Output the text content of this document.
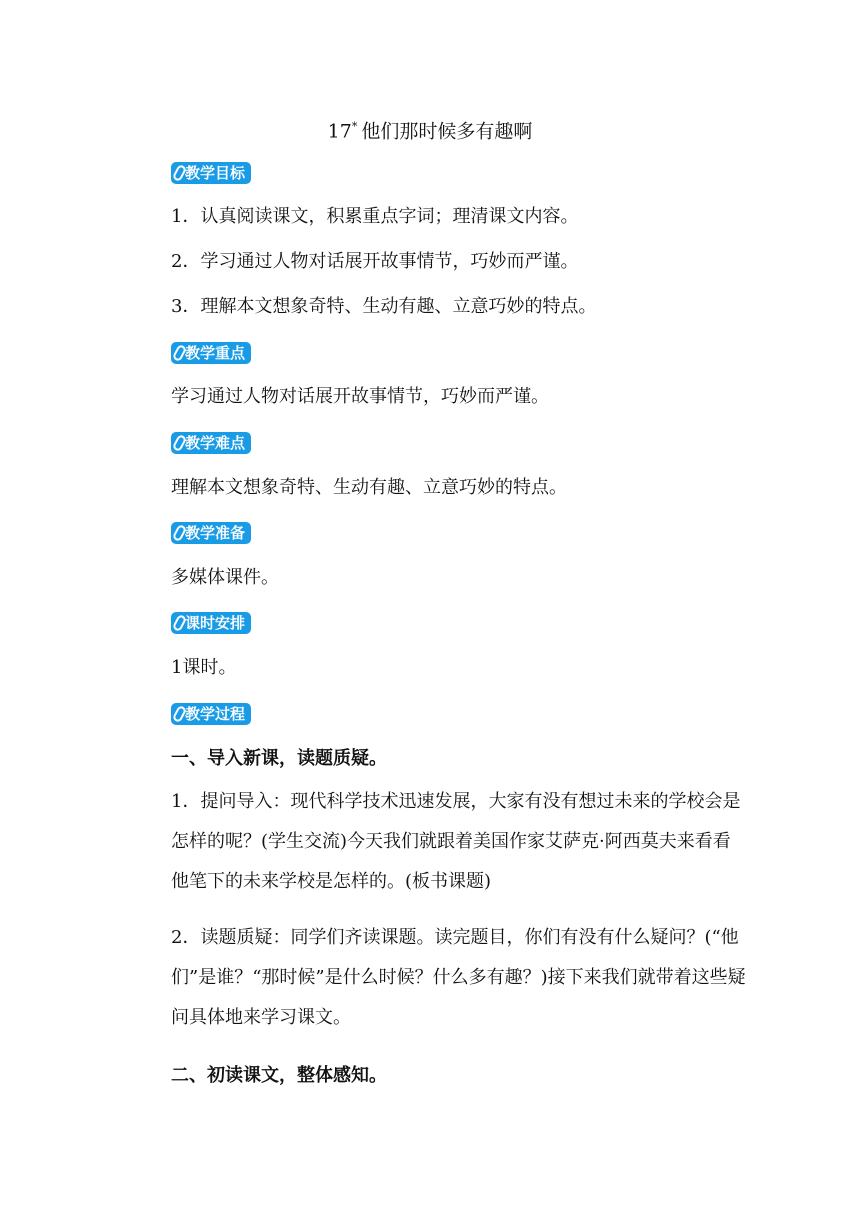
17* 他们那时候多有趣啊
教学目标
1．认真阅读课文，积累重点字词；理清课文内容。
2．学习通过人物对话展开故事情节，巧妙而严谨。
3．理解本文想象奇特、生动有趣、立意巧妙的特点。
教学重点
学习通过人物对话展开故事情节，巧妙而严谨。
教学难点
理解本文想象奇特、生动有趣、立意巧妙的特点。
教学准备
多媒体课件。
课时安排
1课时。
教学过程
一、导入新课，读题质疑。
1．提问导入：现代科学技术迅速发展，大家有没有想过未来的学校会是怎样的呢？(学生交流)今天我们就跟着美国作家艾萨克·阿西莫夫来看看他笔下的未来学校是怎样的。(板书课题)
2．读题质疑：同学们齐读课题。读完题目，你们有没有什么疑问？(“他们”是谁？“那时候”是什么时候？什么多有趣？)接下来我们就带着这些疑问具体地来学习课文。
二、初读课文，整体感知。
